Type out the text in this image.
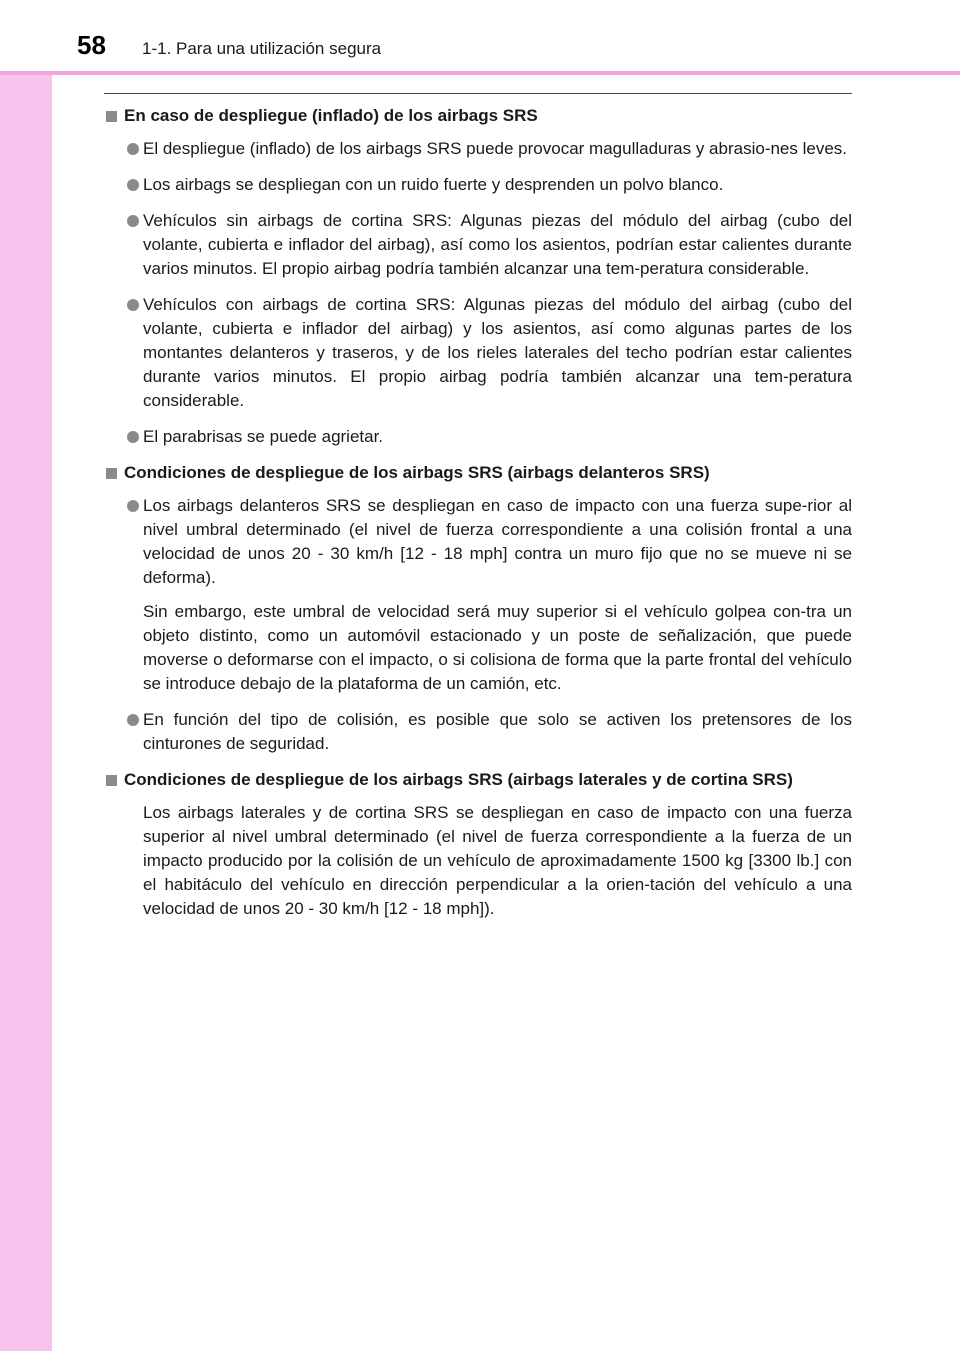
58 1-1. Para una utilización segura
En caso de despliegue (inflado) de los airbags SRS
El despliegue (inflado) de los airbags SRS puede provocar magulladuras y abrasio-nes leves.
Los airbags se despliegan con un ruido fuerte y desprenden un polvo blanco.
Vehículos sin airbags de cortina SRS: Algunas piezas del módulo del airbag (cubo del volante, cubierta e inflador del airbag), así como los asientos, podrían estar calientes durante varios minutos. El propio airbag podría también alcanzar una tem-peratura considerable.
Vehículos con airbags de cortina SRS: Algunas piezas del módulo del airbag (cubo del volante, cubierta e inflador del airbag) y los asientos, así como algunas partes de los montantes delanteros y traseros, y de los rieles laterales del techo podrían estar calientes durante varios minutos. El propio airbag podría también alcanzar una tem-peratura considerable.
El parabrisas se puede agrietar.
Condiciones de despliegue de los airbags SRS (airbags delanteros SRS)
Los airbags delanteros SRS se despliegan en caso de impacto con una fuerza supe-rior al nivel umbral determinado (el nivel de fuerza correspondiente a una colisión frontal a una velocidad de unos 20 - 30 km/h [12 - 18 mph] contra un muro fijo que no se mueve ni se deforma).
Sin embargo, este umbral de velocidad será muy superior si el vehículo golpea con-tra un objeto distinto, como un automóvil estacionado y un poste de señalización, que puede moverse o deformarse con el impacto, o si colisiona de forma que la parte frontal del vehículo se introduce debajo de la plataforma de un camión, etc.
En función del tipo de colisión, es posible que solo se activen los pretensores de los cinturones de seguridad.
Condiciones de despliegue de los airbags SRS (airbags laterales y de cortina SRS)
Los airbags laterales y de cortina SRS se despliegan en caso de impacto con una fuerza superior al nivel umbral determinado (el nivel de fuerza correspondiente a la fuerza de un impacto producido por la colisión de un vehículo de aproximadamente 1500 kg [3300 lb.] con el habitáculo del vehículo en dirección perpendicular a la orien-tación del vehículo a una velocidad de unos 20 - 30 km/h [12 - 18 mph]).
